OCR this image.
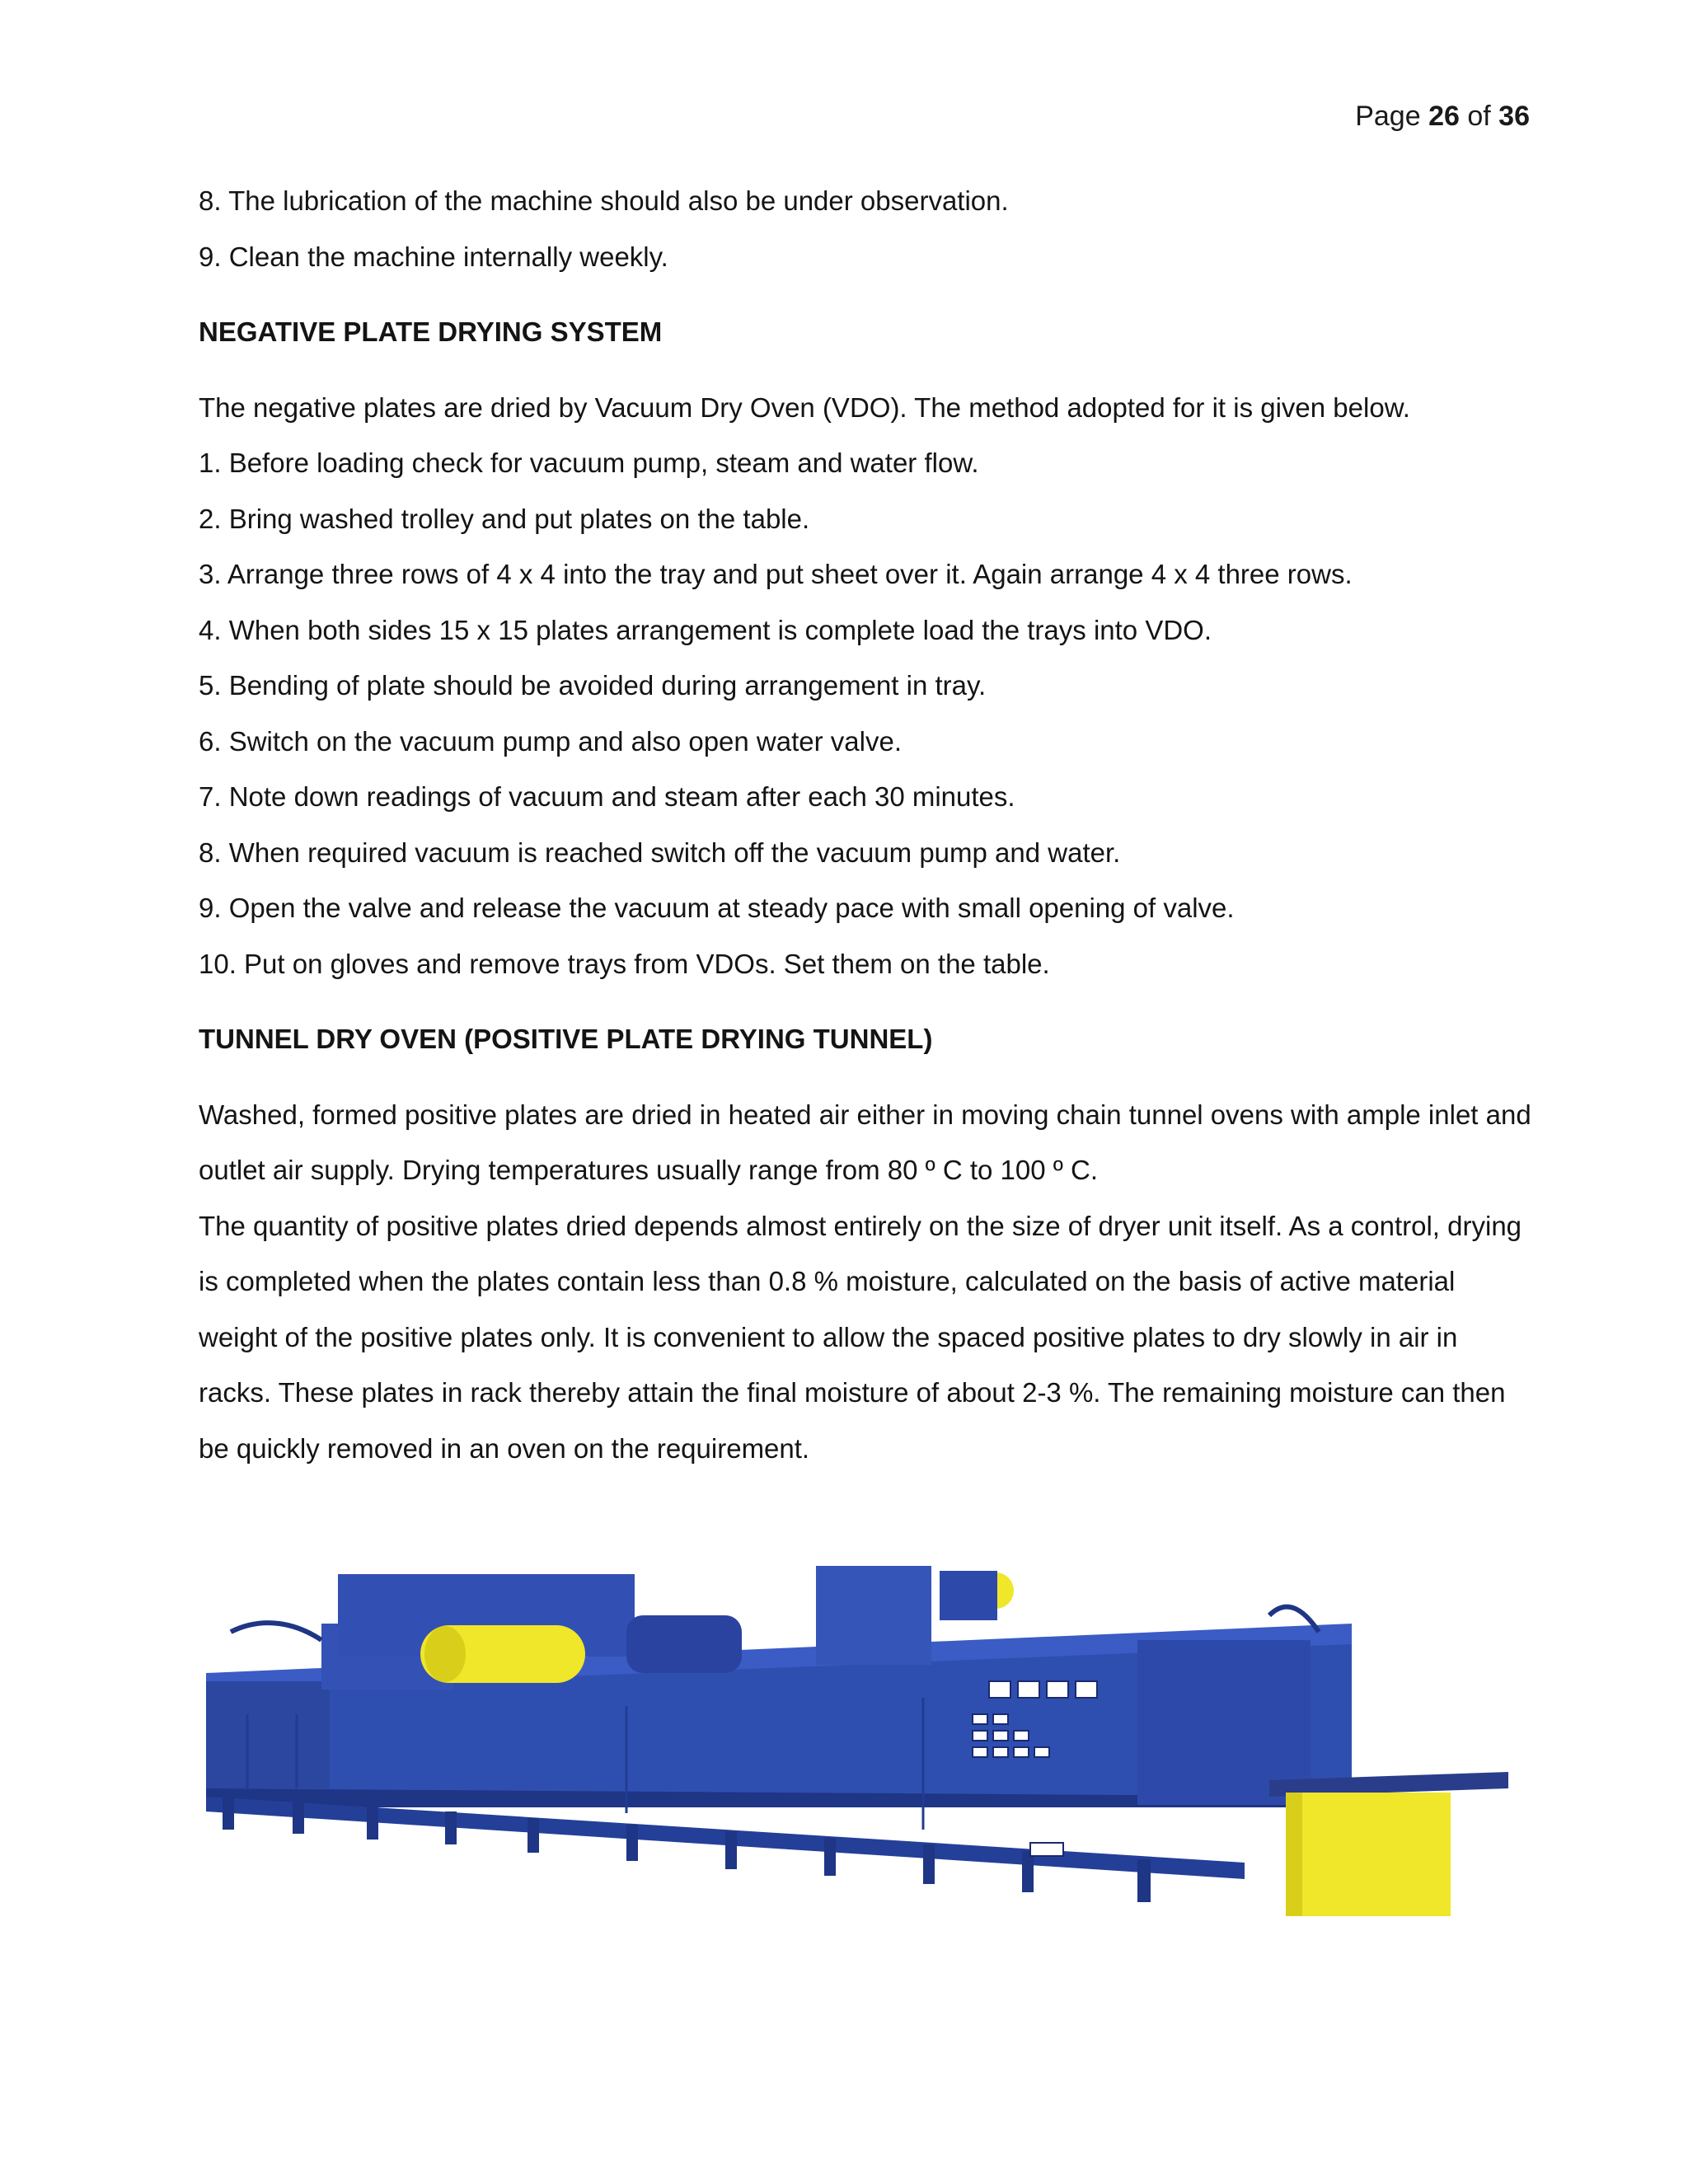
Page 26 of 36

8. The lubrication of the machine should also be under observation.

9. Clean the machine internally weekly.

NEGATIVE PLATE DRYING SYSTEM

The negative plates are dried by Vacuum Dry Oven (VDO). The method adopted for it is given below.

1. Before loading check for vacuum pump, steam and water flow.

2. Bring washed trolley and put plates on the table.

3. Arrange three rows of 4 x 4 into the tray and put sheet over it. Again arrange 4 x 4 three rows.

4. When both sides 15 x 15 plates arrangement is complete load the trays into VDO.

5. Bending of plate should be avoided during arrangement in tray.

6. Switch on the vacuum pump and also open water valve.

7. Note down readings of vacuum and steam after each 30 minutes.

8. When required vacuum is reached switch off the vacuum pump and water.

9. Open the valve and release the vacuum at steady pace with small opening of valve.

10. Put on gloves and remove trays from VDOs. Set them on the table.

TUNNEL DRY OVEN (POSITIVE PLATE DRYING TUNNEL)

Washed, formed positive plates are dried in heated air either in moving chain tunnel ovens with ample inlet and outlet air supply. Drying temperatures usually range from 80 º C to 100 º C.

The quantity of positive plates dried depends almost entirely on the size of dryer unit itself. As a control, drying is completed when the plates contain less than 0.8 % moisture, calculated on the basis of active material weight of the positive plates only. It is convenient to allow the spaced positive plates to dry slowly in air in racks. These plates in rack thereby attain the final moisture of about 2-3 %. The remaining moisture can then be quickly removed in an oven on the requirement.
